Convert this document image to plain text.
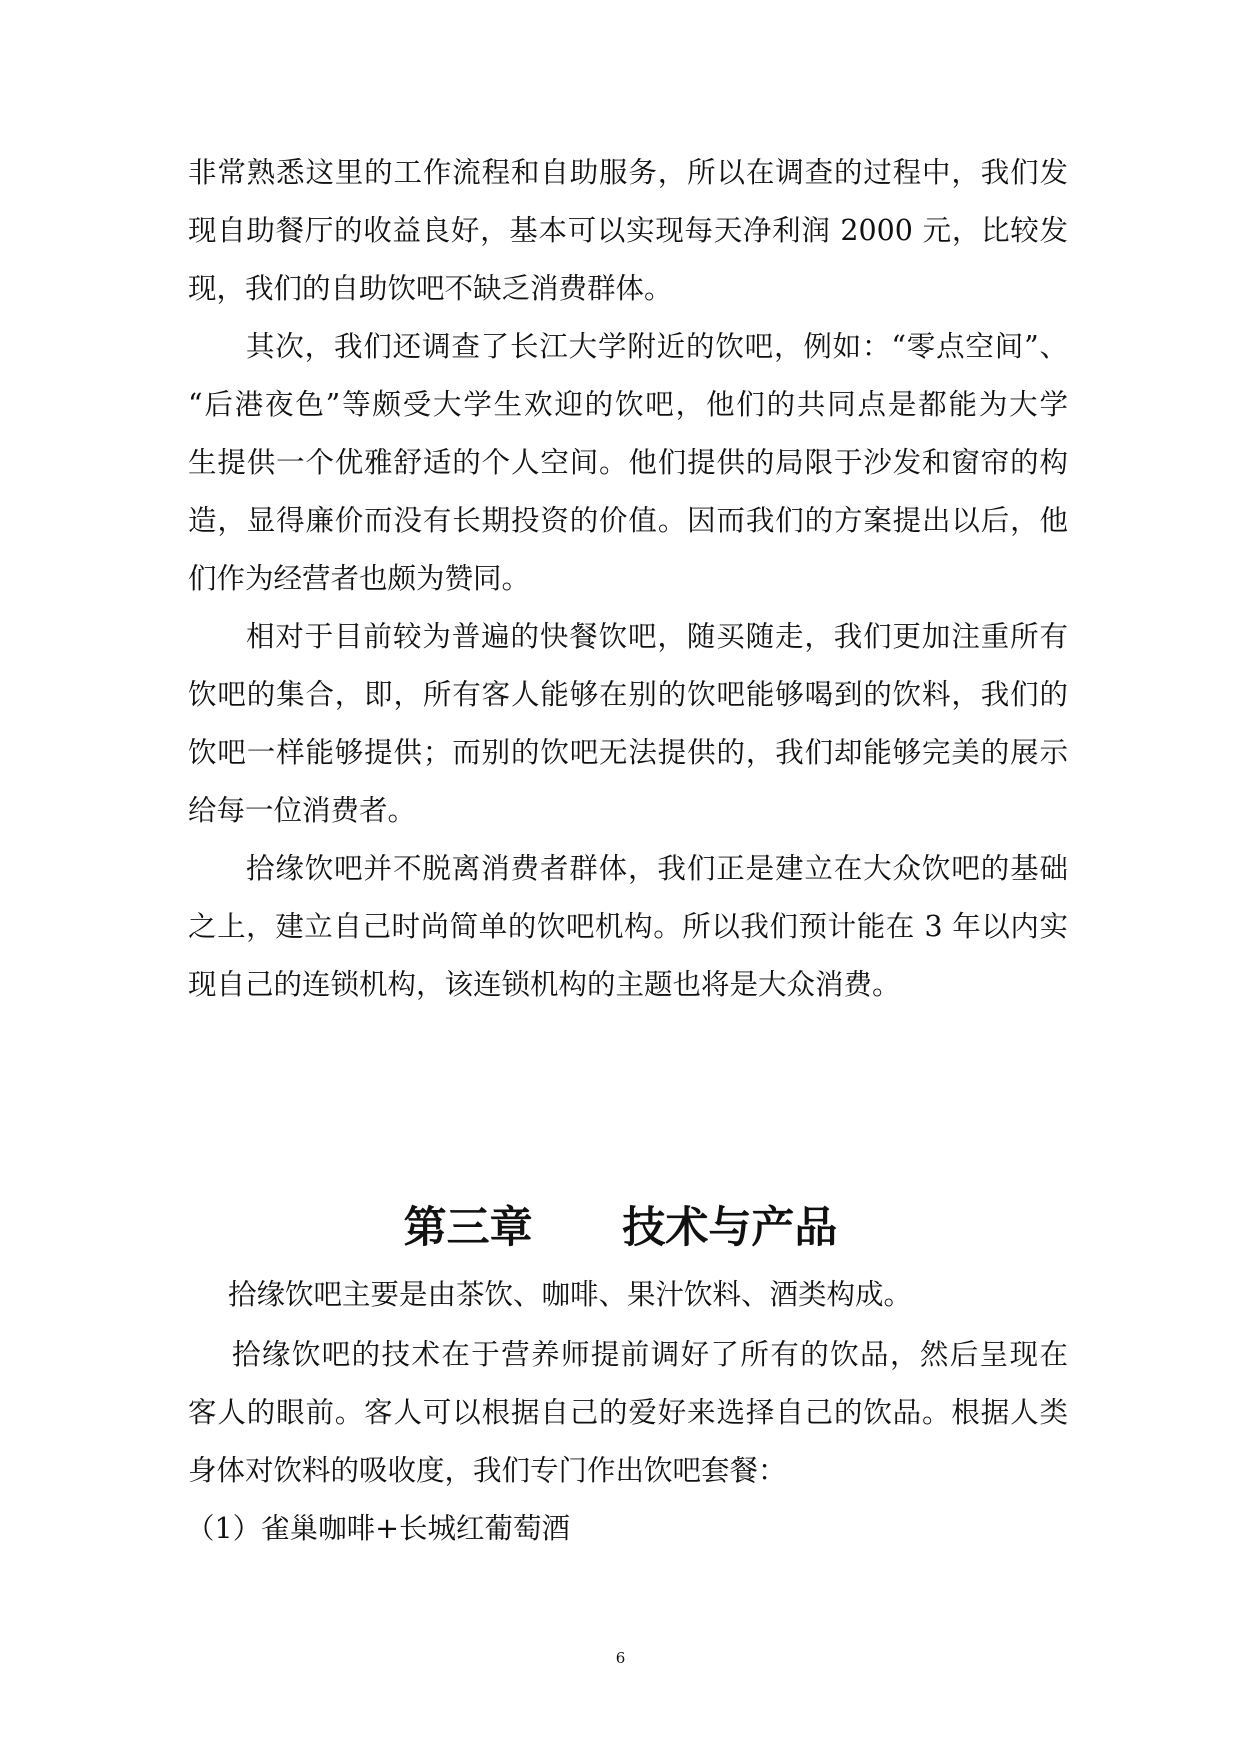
非常熟悉这里的工作流程和自助服务，所以在调查的过程中，我们发
现自助餐厅的收益良好，基本可以实现每天净利润 2000 元，比较发
现，我们的自助饮吧不缺乏消费群体。
其次，我们还调查了长江大学附近的饮吧，例如：“零点空间”、
“后港夜色”等颇受大学生欢迎的饮吧，他们的共同点是都能为大学
生提供一个优雅舒适的个人空间。他们提供的局限于沙发和窗帘的构
造，显得廉价而没有长期投资的价值。因而我们的方案提出以后，他
们作为经营者也颇为赞同。
相对于目前较为普遍的快餐饮吧，随买随走，我们更加注重所有
饮吧的集合，即，所有客人能够在别的饮吧能够喝到的饮料，我们的
饮吧一样能够提供；而别的饮吧无法提供的，我们却能够完美的展示
给每一位消费者。
拾缘饮吧并不脱离消费者群体，我们正是建立在大众饮吧的基础
之上，建立自己时尚简单的饮吧机构。所以我们预计能在 3 年以内实
现自己的连锁机构，该连锁机构的主题也将是大众消费。
第三章      技术与产品
拾缘饮吧主要是由茶饮、咖啡、果汁饮料、酒类构成。
拾缘饮吧的技术在于营养师提前调好了所有的饮品，然后呈现在
客人的眼前。客人可以根据自己的爱好来选择自己的饮品。根据人类
身体对饮料的吸收度，我们专门作出饮吧套餐：
（1）雀巢咖啡+长城红葡萄酒
6
